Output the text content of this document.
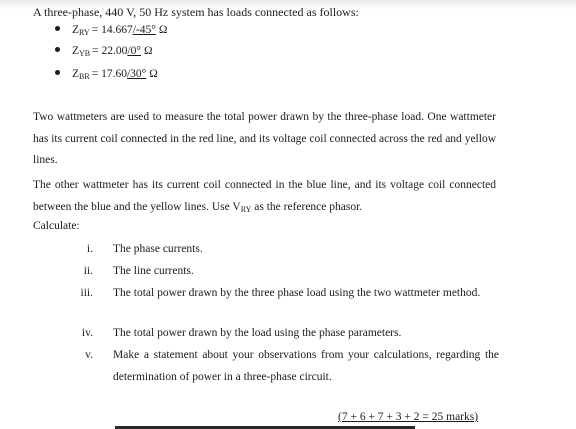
A three-phase, 440 V, 50 Hz system has loads connected as follows:
Z RY = 14.667 /-45° Ω
Z YB = 22.00 /0° Ω
Z BR = 17.60 /30° Ω
Two wattmeters are used to measure the total power drawn by the three-phase load. One wattmeter has its current coil connected in the red line, and its voltage coil connected across the red and yellow lines.
The other wattmeter has its current coil connected in the blue line, and its voltage coil connected between the blue and the yellow lines. Use VRY as the reference phasor.
Calculate:
i. The phase currents.
ii. The line currents.
iii. The total power drawn by the three phase load using the two wattmeter method.
iv. The total power drawn by the load using the phase parameters.
v. Make a statement about your observations from your calculations, regarding the determination of power in a three-phase circuit.
(7 + 6 + 7 + 3 + 2 = 25 marks)
